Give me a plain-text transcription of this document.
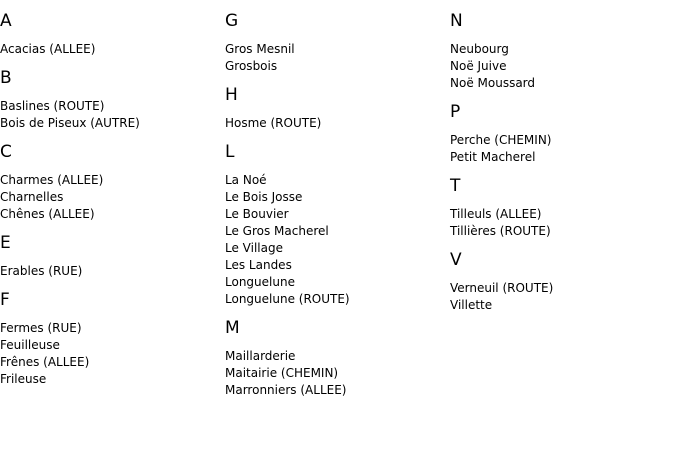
A
Acacias (ALLEE)
B
Baslines (ROUTE)
Bois de Piseux (AUTRE)
C
Charmes (ALLEE)
Charnelles
Chênes (ALLEE)
E
Erables (RUE)
F
Fermes (RUE)
Feuilleuse
Frênes (ALLEE)
Frileuse
G
Gros Mesnil
Grosbois
H
Hosme (ROUTE)
L
La Noé
Le Bois Josse
Le Bouvier
Le Gros Macherel
Le Village
Les Landes
Longuelune
Longuelune (ROUTE)
M
Maillarderie
Maitairie (CHEMIN)
Marronniers (ALLEE)
N
Neubourg
Noë Juive
Noë Moussard
P
Perche (CHEMIN)
Petit Macherel
T
Tilleuls (ALLEE)
Tillières (ROUTE)
V
Verneuil (ROUTE)
Villette
